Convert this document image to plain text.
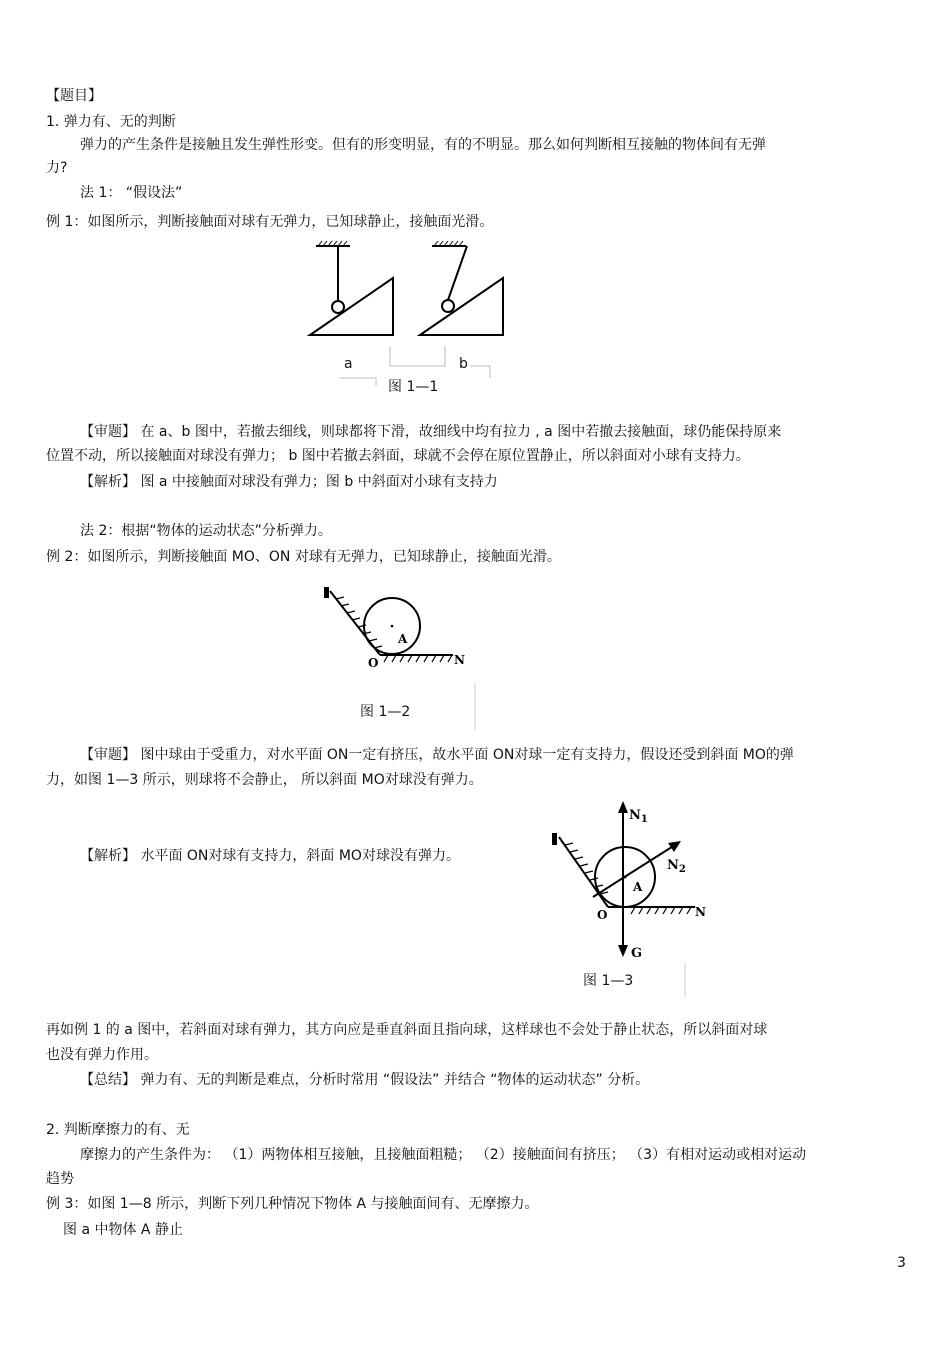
【题目】
1. 弹力有、无的判断
弹力的产生条件是接触且发生弹性形变。但有的形变明显，有的不明显。那么如何判断相互接触的物体间有无弹
力?
法 1： “假设法”
例 1：如图所示，判断接触面对球有无弹力，已知球静止，接触面光滑。
a	b
图 1—1
【审题】 在 a、b 图中，若撤去细线，则球都将下滑，故细线中均有拉力 , a 图中若撤去接触面，球仍能保持原来
位置不动，所以接触面对球没有弹力； b 图中若撤去斜面，球就不会停在原位置静止，所以斜面对小球有支持力。
【解析】 图 a 中接触面对球没有弹力；图 b 中斜面对小球有支持力
法 2：根据“物体的运动状态”分析弹力。
例 2：如图所示，判断接触面 MO、ON 对球有无弹力，已知球静止，接触面光滑。
A
O	N
图 1—2
【审题】 图中球由于受重力，对水平面 ON一定有挤压，故水平面 ON对球一定有支持力，假设还受到斜面 MO的弹
力，如图 1—3 所示，则球将不会静止， 所以斜面 MO对球没有弹力。
【解析】 水平面 ON对球有支持力，斜面 MO对球没有弹力。
$N_1$
$N_2$
A
O	N
G
图 1—3
再如例 1 的 a 图中，若斜面对球有弹力，其方向应是垂直斜面且指向球，这样球也不会处于静止状态，所以斜面对球
也没有弹力作用。
【总结】 弹力有、无的判断是难点，分析时常用 “假设法” 并结合 “物体的运动状态” 分析。
2. 判断摩擦力的有、无
摩擦力的产生条件为： （1）两物体相互接触，且接触面粗糙； （2）接触面间有挤压； （3）有相对运动或相对运动
趋势
例 3：如图 1—8 所示，判断下列几种情况下物体 A 与接触面间有、无摩擦力。
图 a 中物体 A 静止
3
